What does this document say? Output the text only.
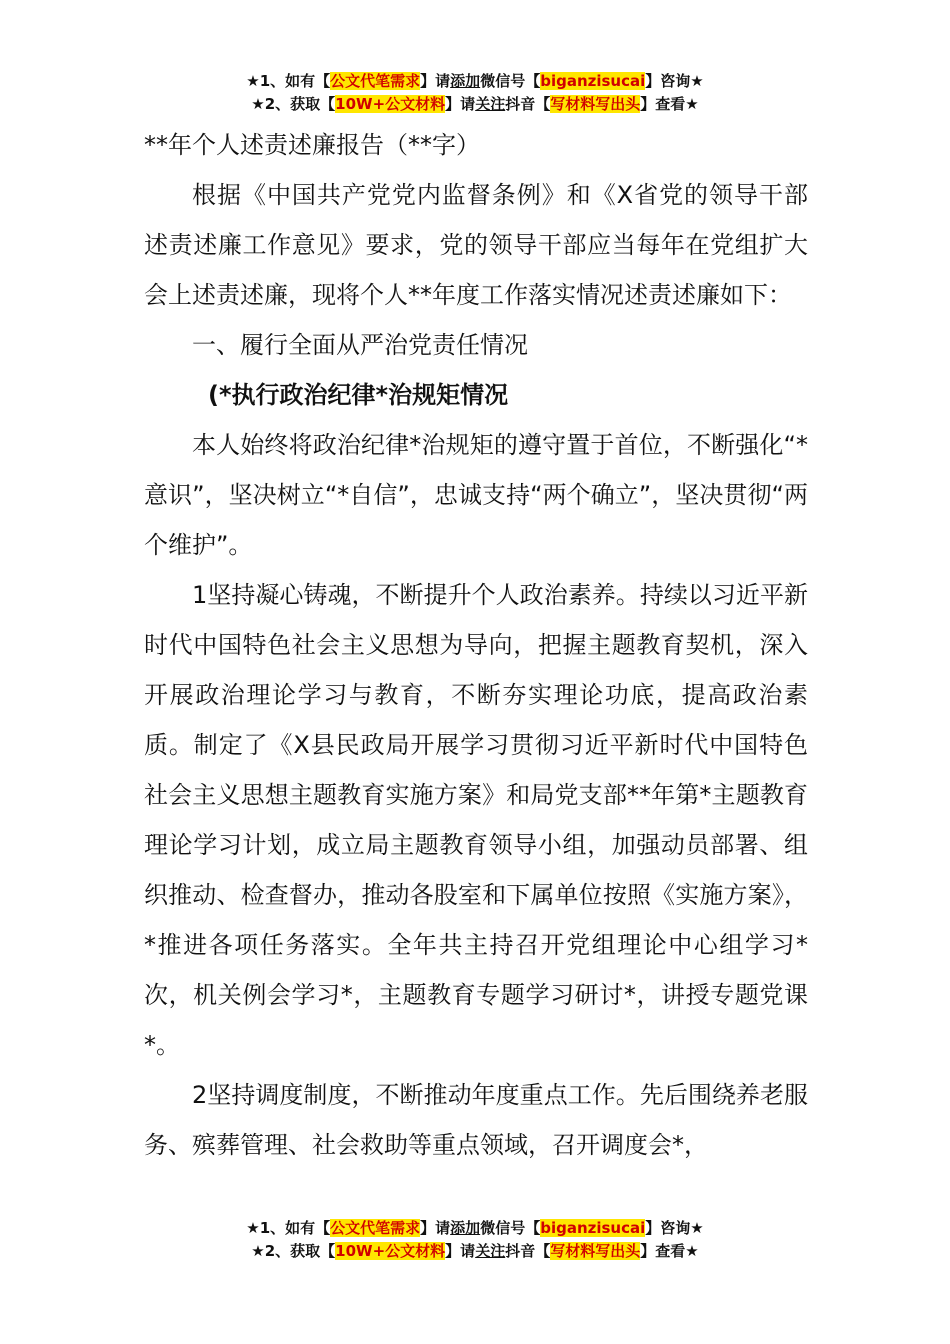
★1、如有【公文代笔需求】请添加微信号【biganzisucai】咨询★
★2、获取【10W+公文材料】请关注抖音【写材料写出头】查看★

**年个人述责述廉报告（**字）

根据《中国共产党党内监督条例》和《X省党的领导干部述责述廉工作意见》要求，党的领导干部应当每年在党组扩大会上述责述廉，现将个人**年度工作落实情况述责述廉如下：

一、履行全面从严治党责任情况

(*执行政治纪律*治规矩情况

本人始终将政治纪律*治规矩的遵守置于首位，不断强化“*意识”，坚决树立“*自信”，忠诚支持“两个确立”，坚决贯彻“两个维护”。

1坚持凝心铸魂，不断提升个人政治素养。持续以习近平新时代中国特色社会主义思想为导向，把握主题教育契机，深入开展政治理论学习与教育，不断夯实理论功底，提高政治素质。制定了《X县民政局开展学习贯彻习近平新时代中国特色社会主义思想主题教育实施方案》和局党支部**年第*主题教育理论学习计划，成立局主题教育领导小组，加强动员部署、组织推动、检查督办，推动各股室和下属单位按照《实施方案》，*推进各项任务落实。全年共主持召开党组理论中心组学习*次，机关例会学习*，主题教育专题学习研讨*，讲授专题党课*。

2坚持调度制度，不断推动年度重点工作。先后围绕养老服务、殡葬管理、社会救助等重点领域，召开调度会*，

★1、如有【公文代笔需求】请添加微信号【biganzisucai】咨询★
★2、获取【10W+公文材料】请关注抖音【写材料写出头】查看★
